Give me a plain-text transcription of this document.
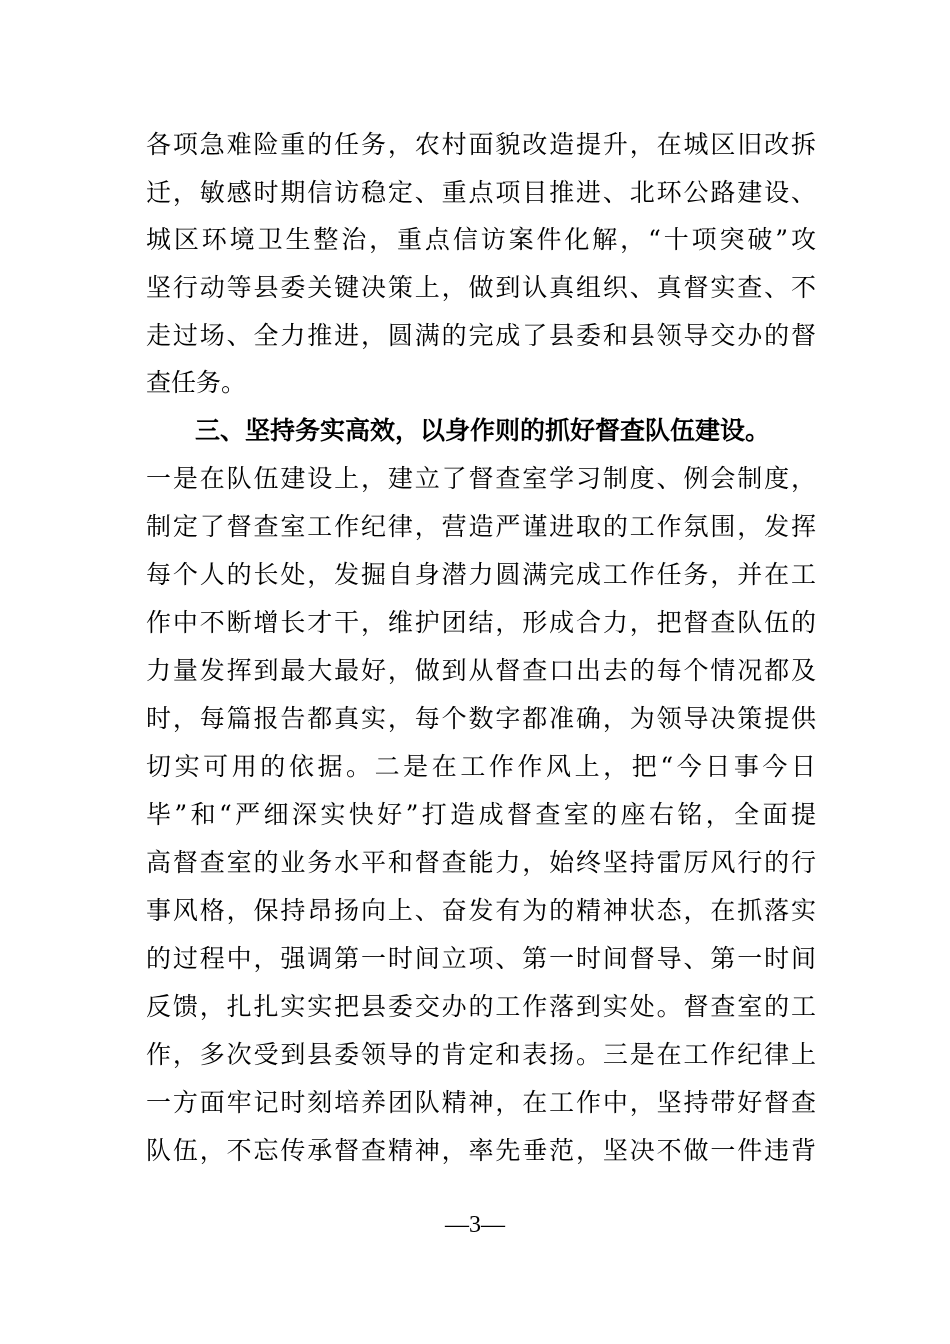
各项急难险重的任务，农村面貌改造提升，在城区旧改拆
迁，敏感时期信访稳定、重点项目推进、北环公路建设、
城区环境卫生整治，重点信访案件化解，“十项突破”攻
坚行动等县委关键决策上，做到认真组织、真督实查、不
走过场、全力推进，圆满的完成了县委和县领导交办的督
查任务。
三、坚持务实高效，以身作则的抓好督查队伍建设。
一是在队伍建设上，建立了督查室学习制度、例会制度，
制定了督查室工作纪律，营造严谨进取的工作氛围，发挥
每个人的长处，发掘自身潜力圆满完成工作任务，并在工
作中不断增长才干，维护团结，形成合力，把督查队伍的
力量发挥到最大最好，做到从督查口出去的每个情况都及
时，每篇报告都真实，每个数字都准确，为领导决策提供
切实可用的依据。二是在工作作风上，把“今日事今日
毕”和“严细深实快好”打造成督查室的座右铭，全面提
高督查室的业务水平和督查能力，始终坚持雷厉风行的行
事风格，保持昂扬向上、奋发有为的精神状态，在抓落实
的过程中，强调第一时间立项、第一时间督导、第一时间
反馈，扎扎实实把县委交办的工作落到实处。督查室的工
作，多次受到县委领导的肯定和表扬。三是在工作纪律上
一方面牢记时刻培养团队精神，在工作中，坚持带好督查
队伍，不忘传承督查精神，率先垂范，坚决不做一件违背
—3—
